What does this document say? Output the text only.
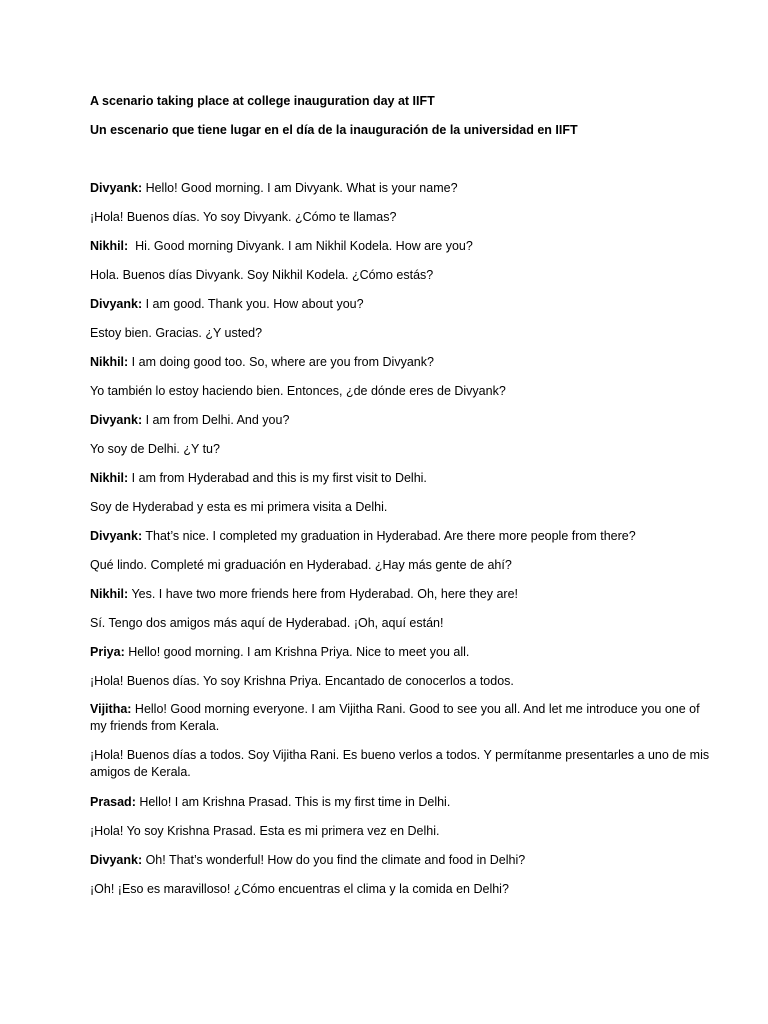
A scenario taking place at college inauguration day at IIFT
Un escenario que tiene lugar en el día de la inauguración de la universidad en IIFT
Divyank: Hello! Good morning. I am Divyank. What is your name?
¡Hola! Buenos días. Yo soy Divyank. ¿Cómo te llamas?
Nikhil:  Hi. Good morning Divyank. I am Nikhil Kodela. How are you?
Hola. Buenos días Divyank. Soy Nikhil Kodela. ¿Cómo estás?
Divyank: I am good. Thank you. How about you?
Estoy bien. Gracias. ¿Y usted?
Nikhil: I am doing good too. So, where are you from Divyank?
Yo también lo estoy haciendo bien. Entonces, ¿de dónde eres de Divyank?
Divyank: I am from Delhi. And you?
Yo soy de Delhi. ¿Y tu?
Nikhil: I am from Hyderabad and this is my first visit to Delhi.
Soy de Hyderabad y esta es mi primera visita a Delhi.
Divyank: That’s nice. I completed my graduation in Hyderabad. Are there more people from there?
Qué lindo. Completé mi graduación en Hyderabad. ¿Hay más gente de ahí?
Nikhil: Yes. I have two more friends here from Hyderabad. Oh, here they are!
Sí. Tengo dos amigos más aquí de Hyderabad. ¡Oh, aquí están!
Priya: Hello! good morning. I am Krishna Priya. Nice to meet you all.
¡Hola! Buenos días. Yo soy Krishna Priya. Encantado de conocerlos a todos.
Vijitha: Hello! Good morning everyone. I am Vijitha Rani. Good to see you all. And let me introduce you one of my friends from Kerala.
¡Hola! Buenos días a todos. Soy Vijitha Rani. Es bueno verlos a todos. Y permítanme presentarles a uno de mis amigos de Kerala.
Prasad: Hello! I am Krishna Prasad. This is my first time in Delhi.
¡Hola! Yo soy Krishna Prasad. Esta es mi primera vez en Delhi.
Divyank: Oh! That’s wonderful! How do you find the climate and food in Delhi?
¡Oh! ¡Eso es maravilloso! ¿Cómo encuentras el clima y la comida en Delhi?
